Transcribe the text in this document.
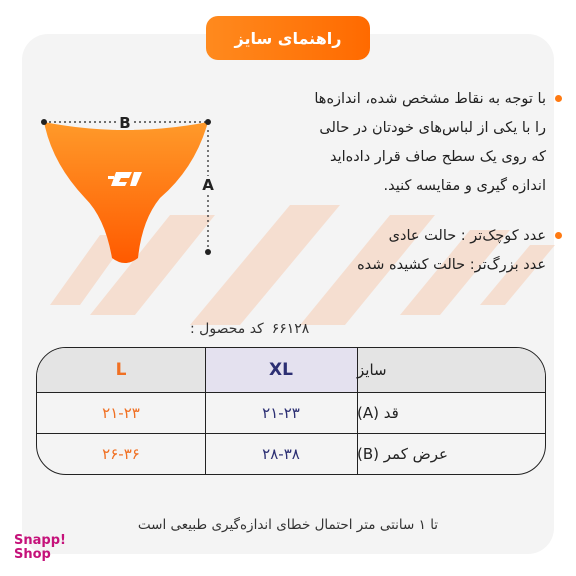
راهنمای سایز
B
A
با توجه به نقاط مشخص شده، اندازه‌ها
را با یکی از لباس‌های خودتان در حالی
که روی یک سطح صاف قرار داده‌اید
اندازه گیری و مقایسه کنید.
عدد کوچک‌تر : حالت عادی
عدد بزرگ‌تر: حالت کشیده شده
کد محصول : ۶۶۱۲۸
L	XL	سایز
۲۱-۲۳	۲۱-۲۳	قد (A)
۲۶-۳۶	۲۸-۳۸	عرض کمر (B)
تا ۱ سانتی متر احتمال خطای اندازه‌گیری طبیعی است
Snapp!
Shop
